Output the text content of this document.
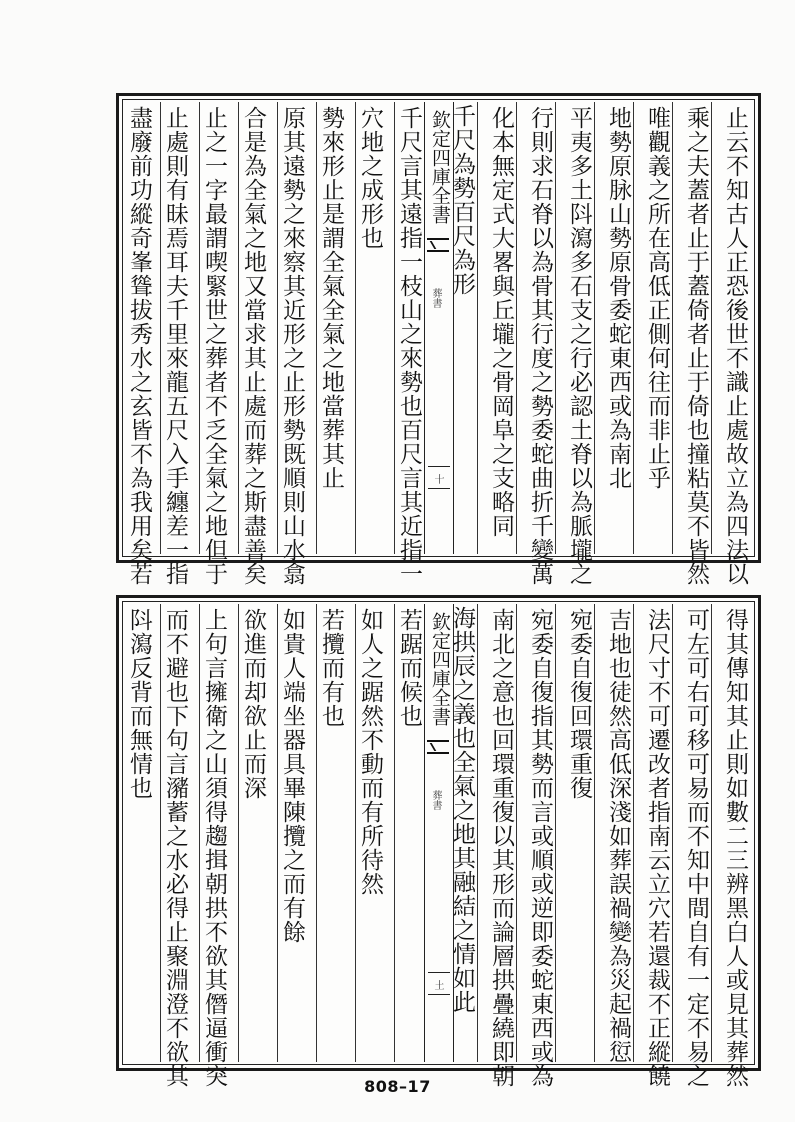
欽定四庫全書
葬書
十	止云不知古人正恐後世不識止處故立為四法以
乘之夫蓋者止于蓋倚者止于倚也撞粘莫不皆然
唯觀義之所在高低正側何往而非止乎
地勢原脉山勢原骨委蛇東西或為南北
平夷多土阧瀉多石支之行必認土脊以為脈壠之
行則求石脊以為骨其行度之勢委蛇曲折千變萬
化本無定式大畧與丘壠之骨岡阜之支略同
千尺為勢百尺為形
千尺言其遠指一枝山之來勢也百尺言其近指一
穴地之成形也
勢來形止是謂全氣全氣之地當葬其止
原其遠勢之來察其近形之止形勢既順則山水翕
合是為全氣之地又當求其止處而葬之斯盡善矣
止之一字最謂喫緊世之葬者不乏全氣之地但于
止處則有昧焉耳夫千里來龍五尺入手纏差一指
盡廢前功縱奇峯聳拔秀水之玄皆不為我用矣若
欽定四庫全書
葬書
土	得其傳知其止則如數二三辨黑白人或見其葬然
可左可右可移可易而不知中間自有一定不易之
法尺寸不可遷改者指南云立穴若還裁不正縱饒
吉地也徒然高低深淺如葬誤禍變為災起禍愆
宛委自復回環重復
宛委自復指其勢而言或順或逆即委蛇東西或為
南北之意也回環重復以其形而論層拱疊繞即朝
海拱辰之義也全氣之地其融結之情如此
若踞而候也
如人之踞然不動而有所待然
若攬而有也
如貴人端坐器具畢陳攬之而有餘
欲進而却欲止而深
上句言擁衛之山須得趨揖朝拱不欲其僭逼衝突
而不避也下句言瀦蓄之水必得止聚淵澄不欲其
阧瀉反背而無情也
808–17
